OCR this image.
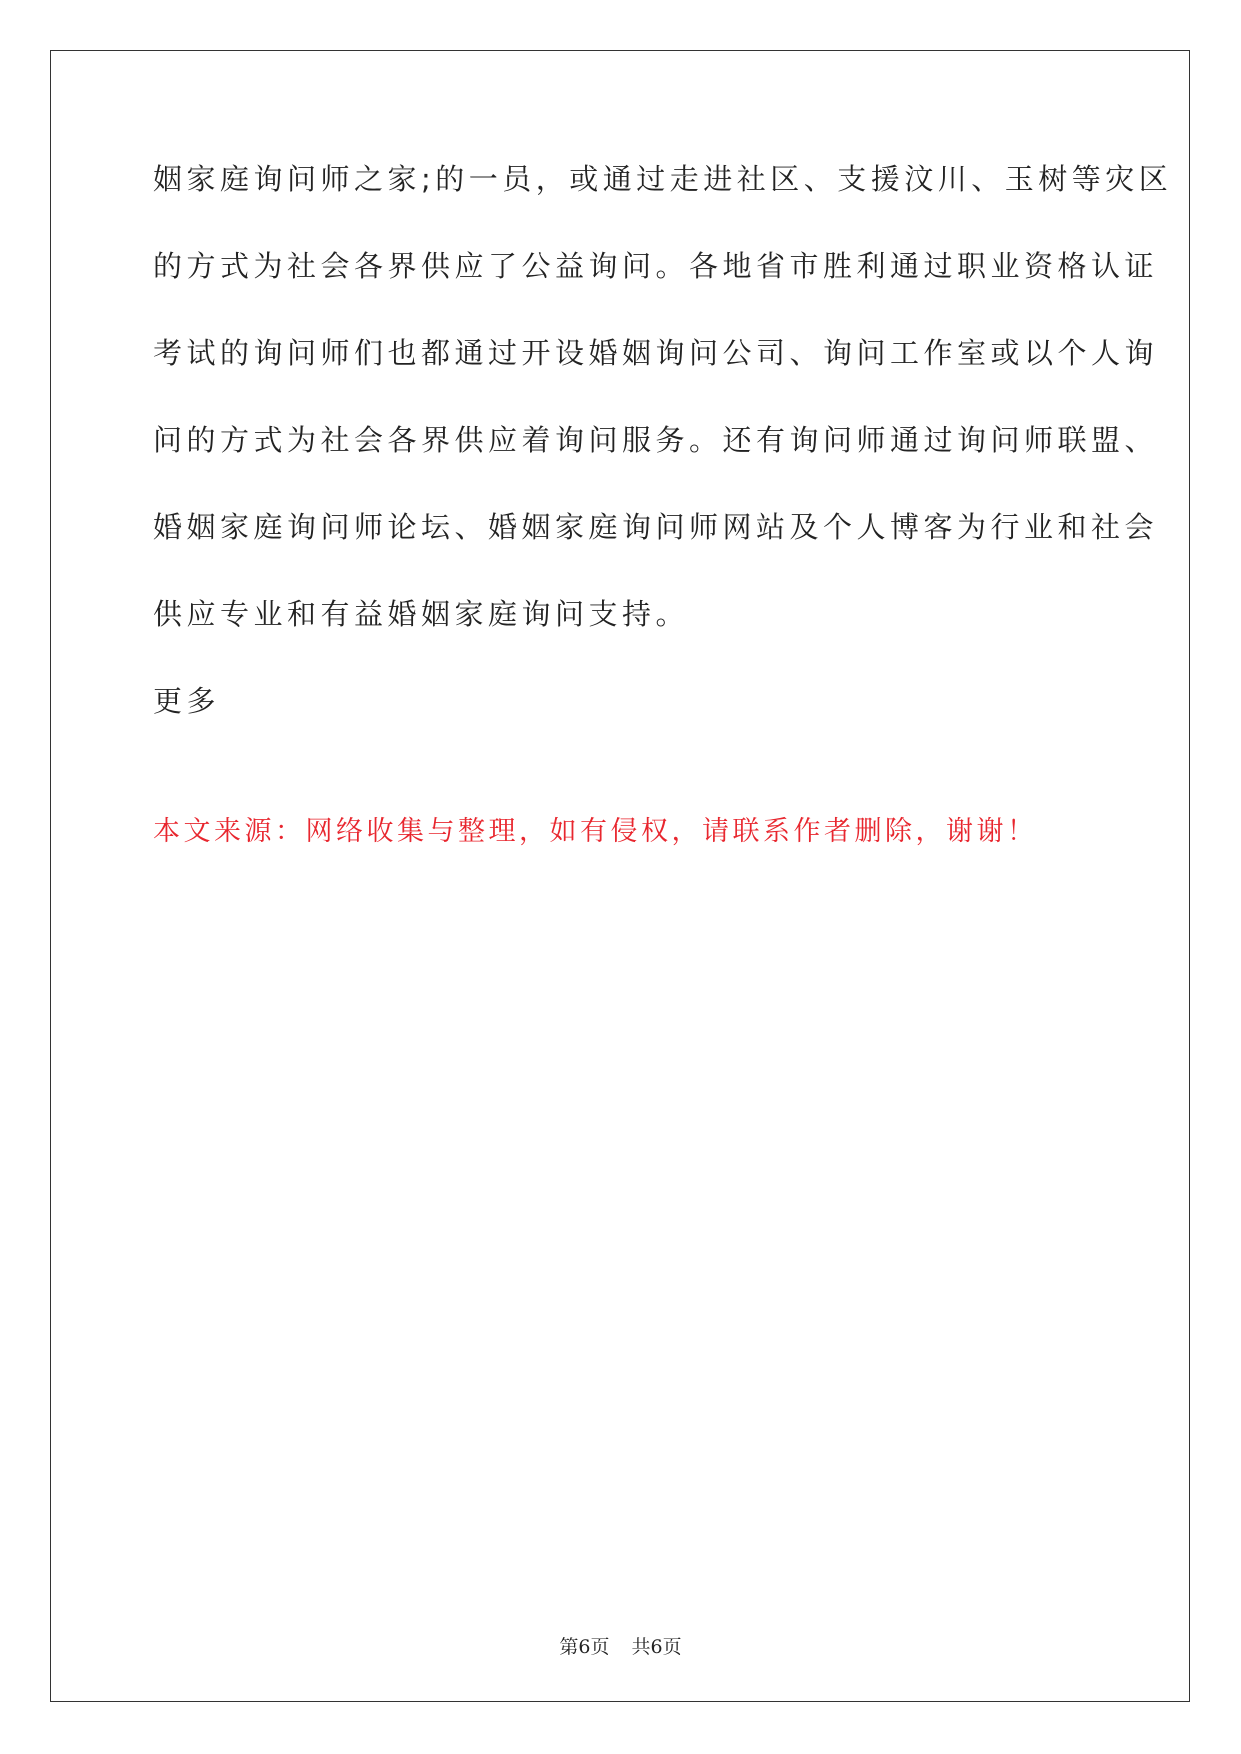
姻家庭询问师之家;的一员，或通过走进社区、支援汶川、玉树等灾区
的方式为社会各界供应了公益询问。各地省市胜利通过职业资格认证
考试的询问师们也都通过开设婚姻询问公司、询问工作室或以个人询
问的方式为社会各界供应着询问服务。还有询问师通过询问师联盟、
婚姻家庭询问师论坛、婚姻家庭询问师网站及个人博客为行业和社会
供应专业和有益婚姻家庭询问支持。
更多
本文来源：网络收集与整理，如有侵权，请联系作者删除，谢谢！
第6页 共6页
